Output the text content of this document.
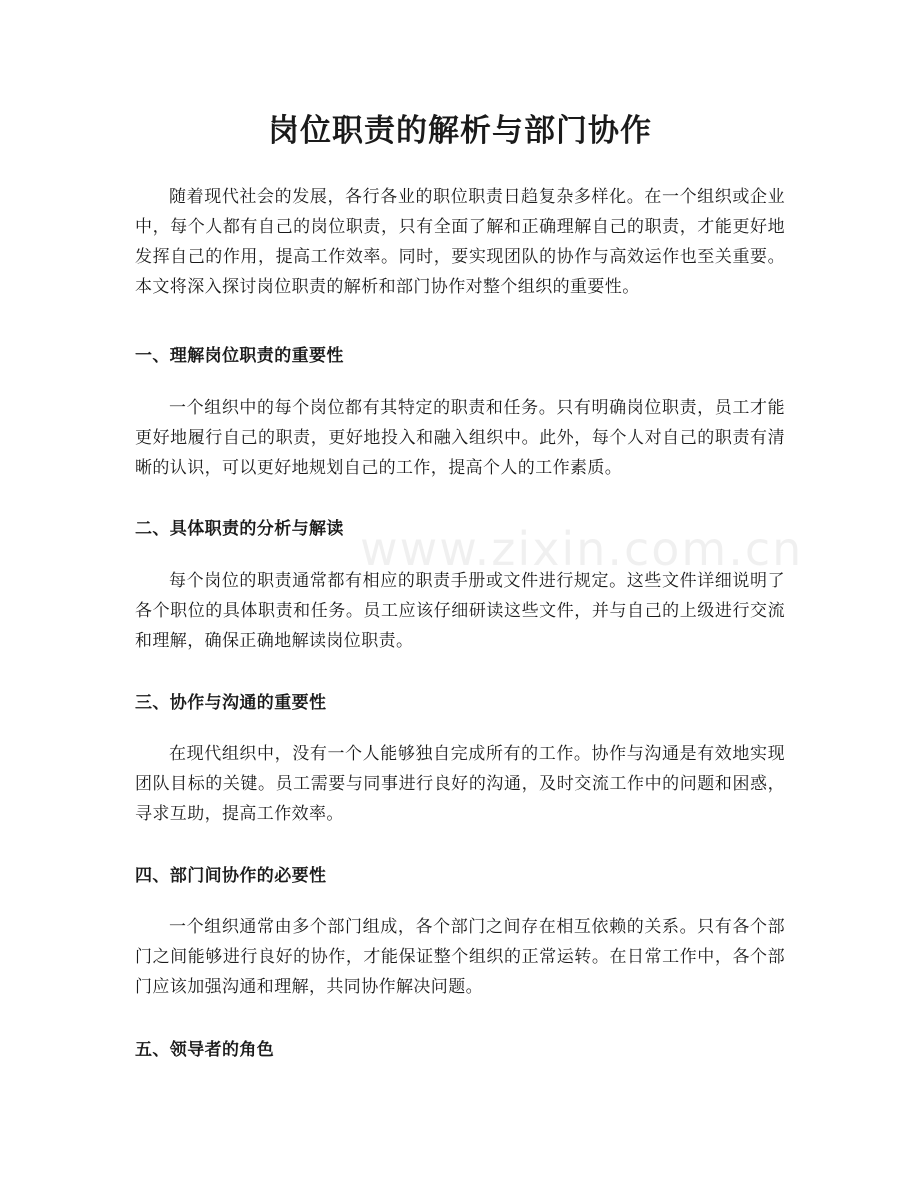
岗位职责的解析与部门协作

随着现代社会的发展，各行各业的职位职责日趋复杂多样化。在一个组织或企业中，每个人都有自己的岗位职责，只有全面了解和正确理解自己的职责，才能更好地发挥自己的作用，提高工作效率。同时，要实现团队的协作与高效运作也至关重要。本文将深入探讨岗位职责的解析和部门协作对整个组织的重要性。

一、理解岗位职责的重要性

一个组织中的每个岗位都有其特定的职责和任务。只有明确岗位职责，员工才能更好地履行自己的职责，更好地投入和融入组织中。此外，每个人对自己的职责有清晰的认识，可以更好地规划自己的工作，提高个人的工作素质。

二、具体职责的分析与解读

每个岗位的职责通常都有相应的职责手册或文件进行规定。这些文件详细说明了各个职位的具体职责和任务。员工应该仔细研读这些文件，并与自己的上级进行交流和理解，确保正确地解读岗位职责。

三、协作与沟通的重要性

在现代组织中，没有一个人能够独自完成所有的工作。协作与沟通是有效地实现团队目标的关键。员工需要与同事进行良好的沟通，及时交流工作中的问题和困惑，寻求互助，提高工作效率。

四、部门间协作的必要性

一个组织通常由多个部门组成，各个部门之间存在相互依赖的关系。只有各个部门之间能够进行良好的协作，才能保证整个组织的正常运转。在日常工作中，各个部门应该加强沟通和理解，共同协作解决问题。

五、领导者的角色
www.zixin.com.cn
